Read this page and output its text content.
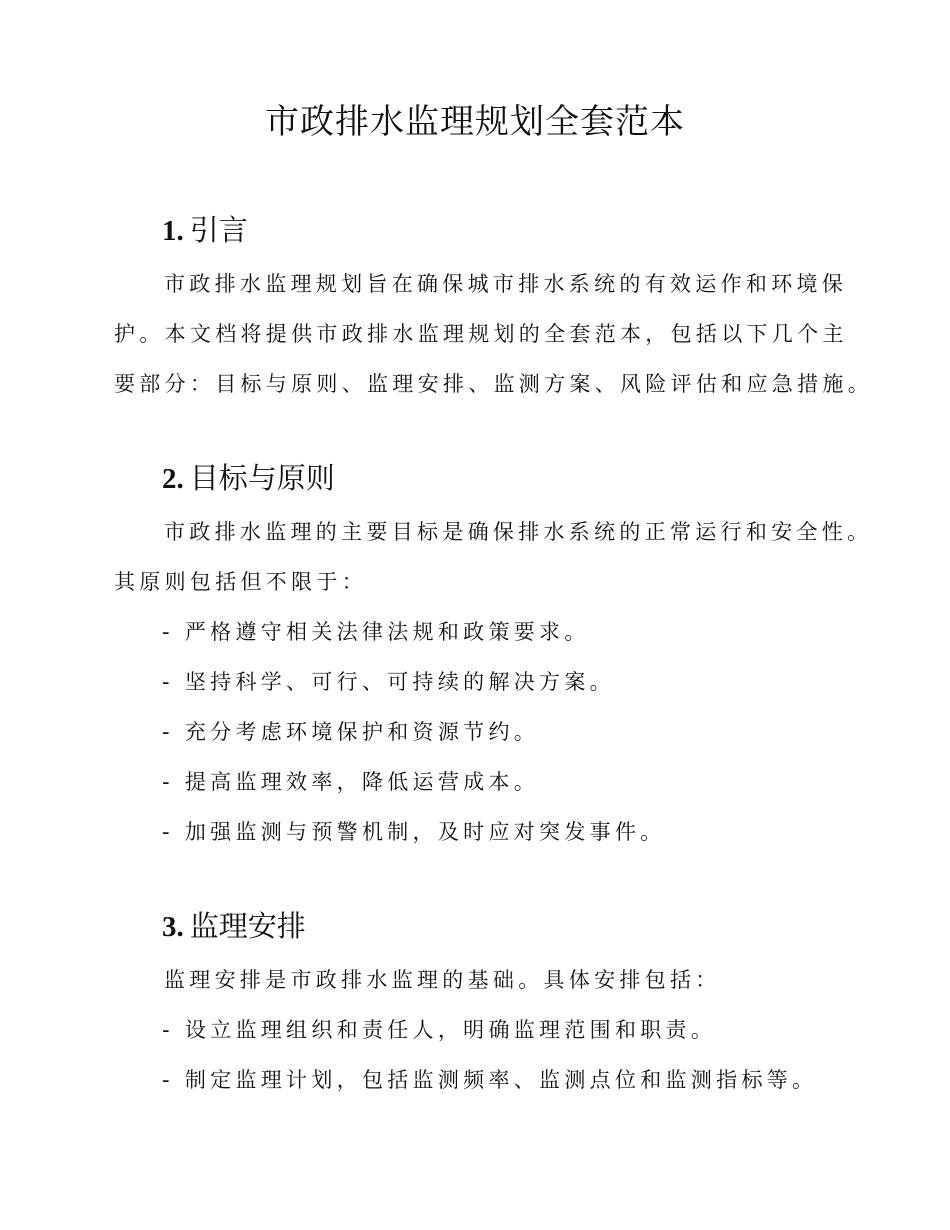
市政排水监理规划全套范本
1. 引言

市政排水监理规划旨在确保城市排水系统的有效运作和环境保

护。本文档将提供市政排水监理规划的全套范本，包括以下几个主

要部分：目标与原则、监理安排、监测方案、风险评估和应急措施。

2. 目标与原则

市政排水监理的主要目标是确保排水系统的正常运行和安全性。

其原则包括但不限于：

- 严格遵守相关法律法规和政策要求。

- 坚持科学、可行、可持续的解决方案。

- 充分考虑环境保护和资源节约。

- 提高监理效率，降低运营成本。

- 加强监测与预警机制，及时应对突发事件。

3. 监理安排

监理安排是市政排水监理的基础。具体安排包括：

- 设立监理组织和责任人，明确监理范围和职责。

- 制定监理计划，包括监测频率、监测点位和监测指标等。
